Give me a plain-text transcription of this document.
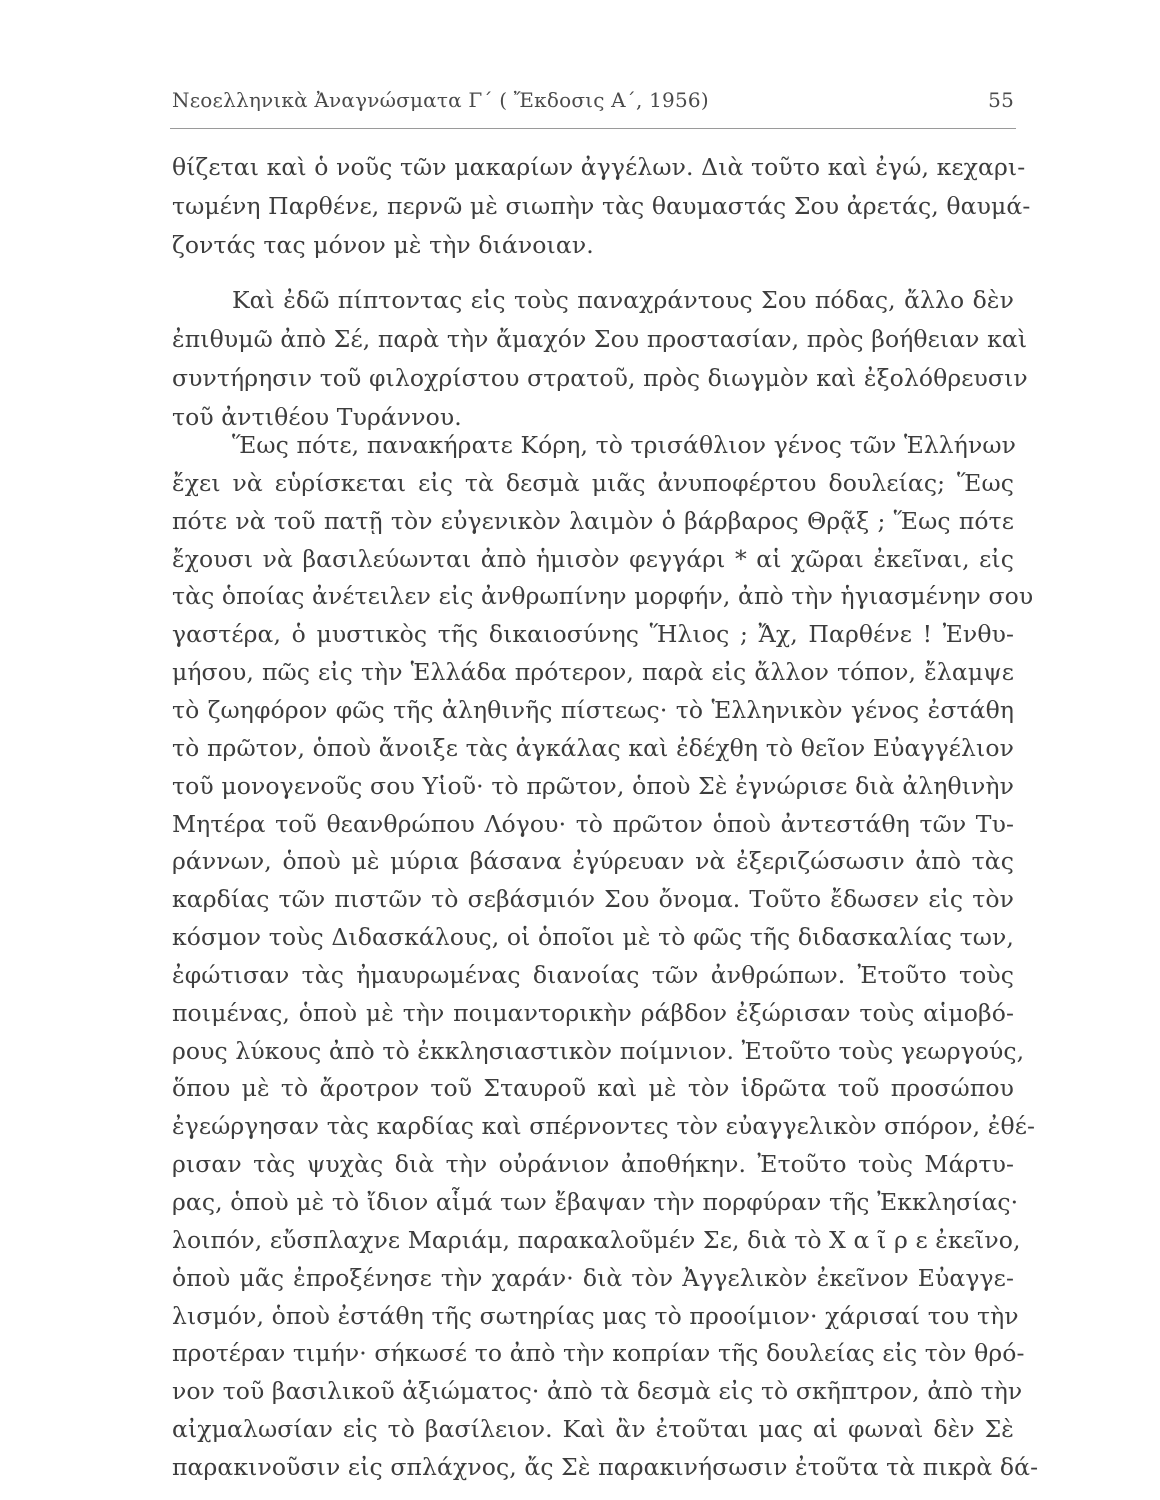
Νεοελληνικὰ Ἀναγνώσματα Γ΄ ( Ἔκδοσις Α΄, 1956)	55
θίζεται καὶ ὁ νοῦς τῶν μακαρίων ἀγγέλων. Διὰ τοῦτο καὶ ἐγώ, κεχαρι-
τωμένη Παρθένε, περνῶ μὲ σιωπὴν τὰς θαυμαστάς Σου ἀρετάς, θαυμά-
ζοντάς τας μόνον μὲ τὴν διάνοιαν.
Καὶ ἐδῶ πίπτοντας εἰς τοὺς παναχράντους Σου πόδας, ἄλλο δὲν
ἐπιθυμῶ ἀπὸ Σέ, παρὰ τὴν ἄμαχόν Σου προστασίαν, πρὸς βοήθειαν καὶ
συντήρησιν τοῦ φιλοχρίστου στρατοῦ, πρὸς διωγμὸν καὶ ἐξολόθρευσιν
τοῦ ἀντιθέου Τυράννου.
Ἕως πότε, πανακήρατε Κόρη, τὸ τρισάθλιον γένος τῶν Ἑλλήνων
ἔχει νὰ εὑρίσκεται εἰς τὰ δεσμὰ μιᾶς ἀνυποφέρτου δουλείας; Ἕως
πότε νὰ τοῦ πατῇ τὸν εὐγενικὸν λαιμὸν ὁ βάρβαρος Θρᾷξ ; Ἕως πότε
ἔχουσι νὰ βασιλεύωνται ἀπὸ ἡμισὸν φεγγάρι * αἱ χῶραι ἐκεῖναι, εἰς
τὰς ὁποίας ἀνέτειλεν εἰς ἀνθρωπίνην μορφήν, ἀπὸ τὴν ἡγιασμένην σου
γαστέρα, ὁ μυστικὸς τῆς δικαιοσύνης Ἥλιος ; Ἄχ, Παρθένε ! Ἐνθυ-
μήσου, πῶς εἰς τὴν Ἑλλάδα πρότερον, παρὰ εἰς ἄλλον τόπον, ἔλαμψε
τὸ ζωηφόρον φῶς τῆς ἀληθινῆς πίστεως· τὸ Ἑλληνικὸν γένος ἐστάθη
τὸ πρῶτον, ὁποὺ ἄνοιξε τὰς ἀγκάλας καὶ ἐδέχθη τὸ θεῖον Εὐαγγέλιον
τοῦ μονογενοῦς σου Υἱοῦ· τὸ πρῶτον, ὁποὺ Σὲ ἐγνώρισε διὰ ἀληθινὴν
Μητέρα τοῦ θεανθρώπου Λόγου· τὸ πρῶτον ὁποὺ ἀντεστάθη τῶν Τυ-
ράννων, ὁποὺ μὲ μύρια βάσανα ἐγύρευαν νὰ ἐξεριζώσωσιν ἀπὸ τὰς
καρδίας τῶν πιστῶν τὸ σεβάσμιόν Σου ὄνομα. Τοῦτο ἔδωσεν εἰς τὸν
κόσμον τοὺς Διδασκάλους, οἱ ὁποῖοι μὲ τὸ φῶς τῆς διδασκαλίας των,
ἐφώτισαν τὰς ἠμαυρωμένας διανοίας τῶν ἀνθρώπων. Ἐτοῦτο τοὺς
ποιμένας, ὁποὺ μὲ τὴν ποιμαντορικὴν ράβδον ἐξώρισαν τοὺς αἱμοβό-
ρους λύκους ἀπὸ τὸ ἐκκλησιαστικὸν ποίμνιον. Ἐτοῦτο τοὺς γεωργούς,
ὅπου μὲ τὸ ἄροτρον τοῦ Σταυροῦ καὶ μὲ τὸν ἱδρῶτα τοῦ προσώπου
ἐγεώργησαν τὰς καρδίας καὶ σπέρνοντες τὸν εὐαγγελικὸν σπόρον, ἐθέ-
ρισαν τὰς ψυχὰς διὰ τὴν οὐράνιον ἀποθήκην. Ἐτοῦτο τοὺς Μάρτυ-
ρας, ὁποὺ μὲ τὸ ἴδιον αἷμά των ἔβαψαν τὴν πορφύραν τῆς Ἐκκλησίας·
λοιπόν, εὔσπλαχνε Μαριάμ, παρακαλοῦμέν Σε, διὰ τὸ Χ α ῖ ρ ε ἐκεῖνο,
ὁποὺ μᾶς ἐπροξένησε τὴν χαράν· διὰ τὸν Ἀγγελικὸν ἐκεῖνον Εὐαγγε-
λισμόν, ὁποὺ ἐστάθη τῆς σωτηρίας μας τὸ προοίμιον· χάρισαί του τὴν
προτέραν τιμήν· σήκωσέ το ἀπὸ τὴν κοπρίαν τῆς δουλείας εἰς τὸν θρό-
νον τοῦ βασιλικοῦ ἀξιώματος· ἀπὸ τὰ δεσμὰ εἰς τὸ σκῆπτρον, ἀπὸ τὴν
αἰχμαλωσίαν εἰς τὸ βασίλειον. Καὶ ἂν ἐτοῦται μας αἱ φωναὶ δὲν Σὲ
παρακινοῦσιν εἰς σπλάχνος, ἄς Σὲ παρακινήσωσιν ἐτοῦτα τὰ πικρὰ δά-
